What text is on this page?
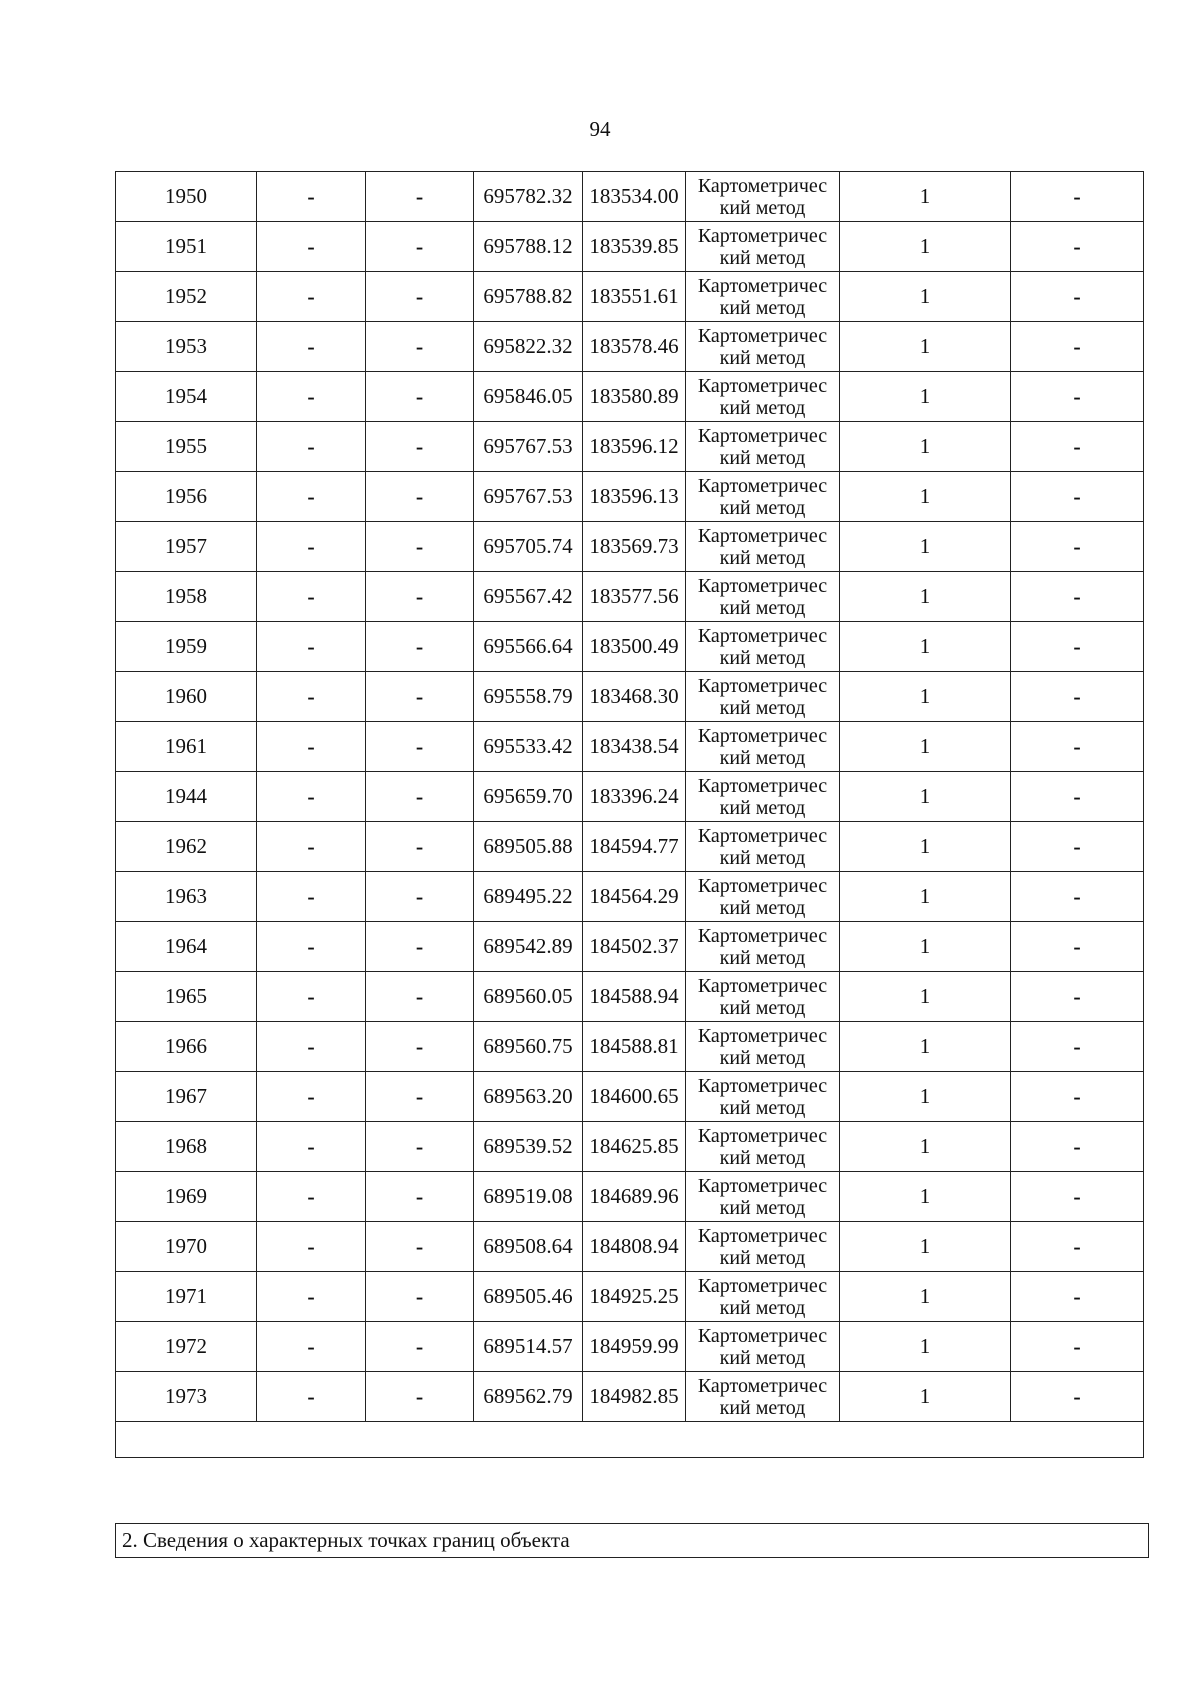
94
1950	-	-	695782.32	183534.00	Картометричес
кий метод	1	-
1951	-	-	695788.12	183539.85	Картометричес
кий метод	1	-
1952	-	-	695788.82	183551.61	Картометричес
кий метод	1	-
1953	-	-	695822.32	183578.46	Картометричес
кий метод	1	-
1954	-	-	695846.05	183580.89	Картометричес
кий метод	1	-
1955	-	-	695767.53	183596.12	Картометричес
кий метод	1	-
1956	-	-	695767.53	183596.13	Картометричес
кий метод	1	-
1957	-	-	695705.74	183569.73	Картометричес
кий метод	1	-
1958	-	-	695567.42	183577.56	Картометричес
кий метод	1	-
1959	-	-	695566.64	183500.49	Картометричес
кий метод	1	-
1960	-	-	695558.79	183468.30	Картометричес
кий метод	1	-
1961	-	-	695533.42	183438.54	Картометричес
кий метод	1	-
1944	-	-	695659.70	183396.24	Картометричес
кий метод	1	-
1962	-	-	689505.88	184594.77	Картометричес
кий метод	1	-
1963	-	-	689495.22	184564.29	Картометричес
кий метод	1	-
1964	-	-	689542.89	184502.37	Картометричес
кий метод	1	-
1965	-	-	689560.05	184588.94	Картометричес
кий метод	1	-
1966	-	-	689560.75	184588.81	Картометричес
кий метод	1	-
1967	-	-	689563.20	184600.65	Картометричес
кий метод	1	-
1968	-	-	689539.52	184625.85	Картометричес
кий метод	1	-
1969	-	-	689519.08	184689.96	Картометричес
кий метод	1	-
1970	-	-	689508.64	184808.94	Картометричес
кий метод	1	-
1971	-	-	689505.46	184925.25	Картометричес
кий метод	1	-
1972	-	-	689514.57	184959.99	Картометричес
кий метод	1	-
1973	-	-	689562.79	184982.85	Картометричес
кий метод	1	-

2. Сведения о характерных точках границ объекта
